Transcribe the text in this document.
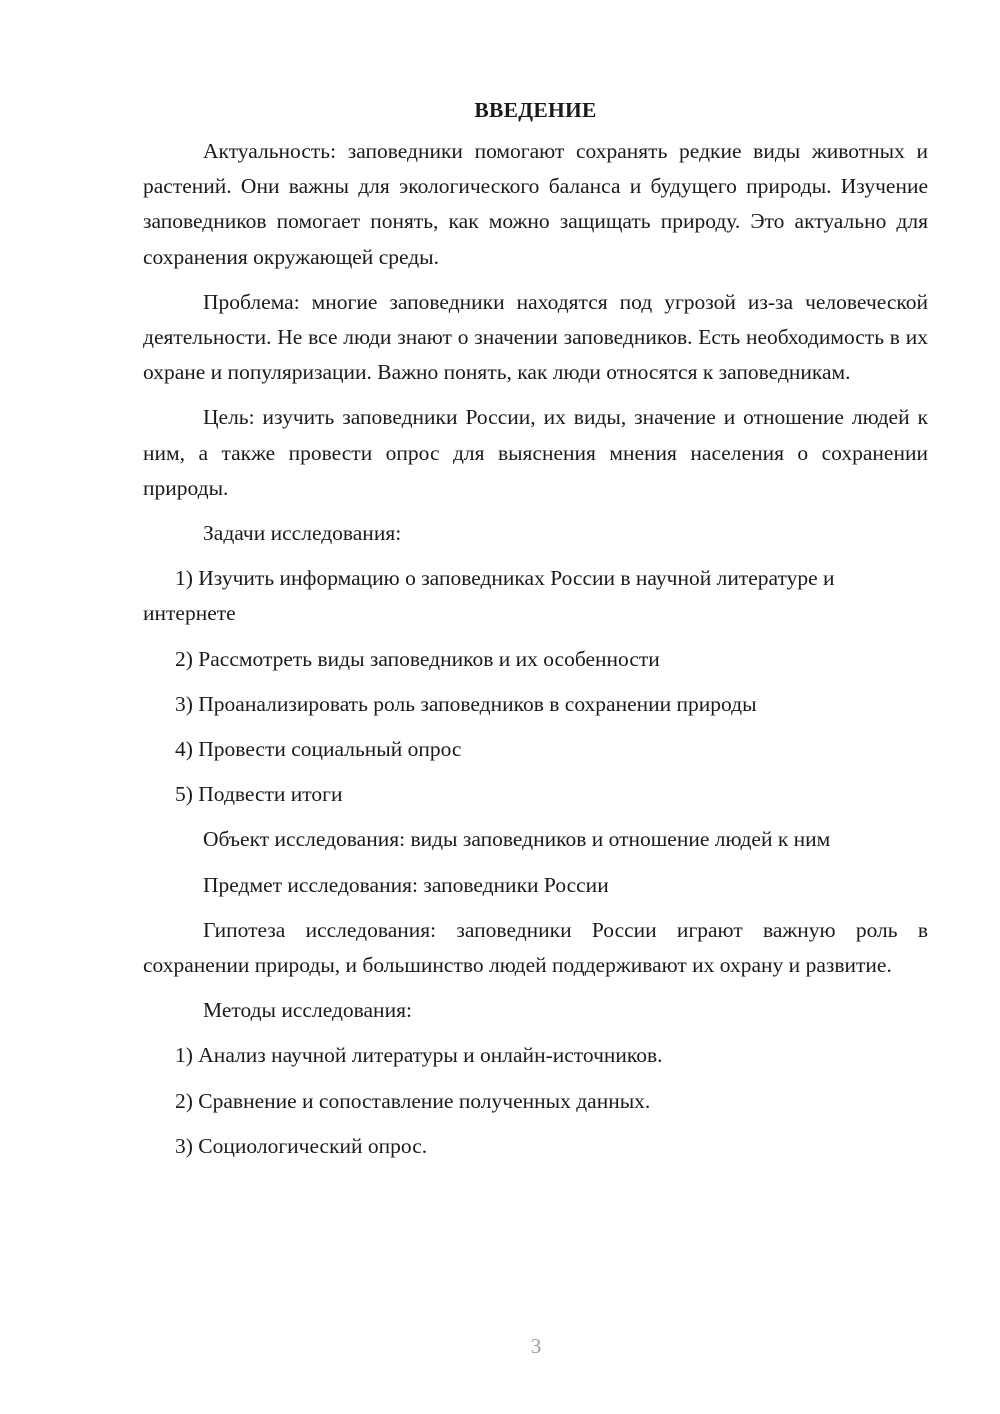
ВВЕДЕНИЕ

Актуальность: заповедники помогают сохранять редкие виды животных и растений. Они важны для экологического баланса и будущего природы. Изучение заповедников помогает понять, как можно защищать природу. Это актуально для сохранения окружающей среды.

Проблема: многие заповедники находятся под угрозой из-за человеческой деятельности. Не все люди знают о значении заповедников. Есть необходимость в их охране и популяризации. Важно понять, как люди относятся к заповедникам.

Цель: изучить заповедники России, их виды, значение и отношение людей к ним, а также провести опрос для выяснения мнения населения о сохранении природы.

Задачи исследования:

1) Изучить информацию о заповедниках России в научной литературе и интернете

2) Рассмотреть виды заповедников и их особенности

3) Проанализировать роль заповедников в сохранении природы

4) Провести социальный опрос

5) Подвести итоги

Объект исследования: виды заповедников и отношение людей к ним

Предмет исследования: заповедники России

Гипотеза исследования: заповедники России играют важную роль в сохранении природы, и большинство людей поддерживают их охрану и развитие.

Методы исследования:

1) Анализ научной литературы и онлайн-источников.

2) Сравнение и сопоставление полученных данных.

3) Социологический опрос.

3
